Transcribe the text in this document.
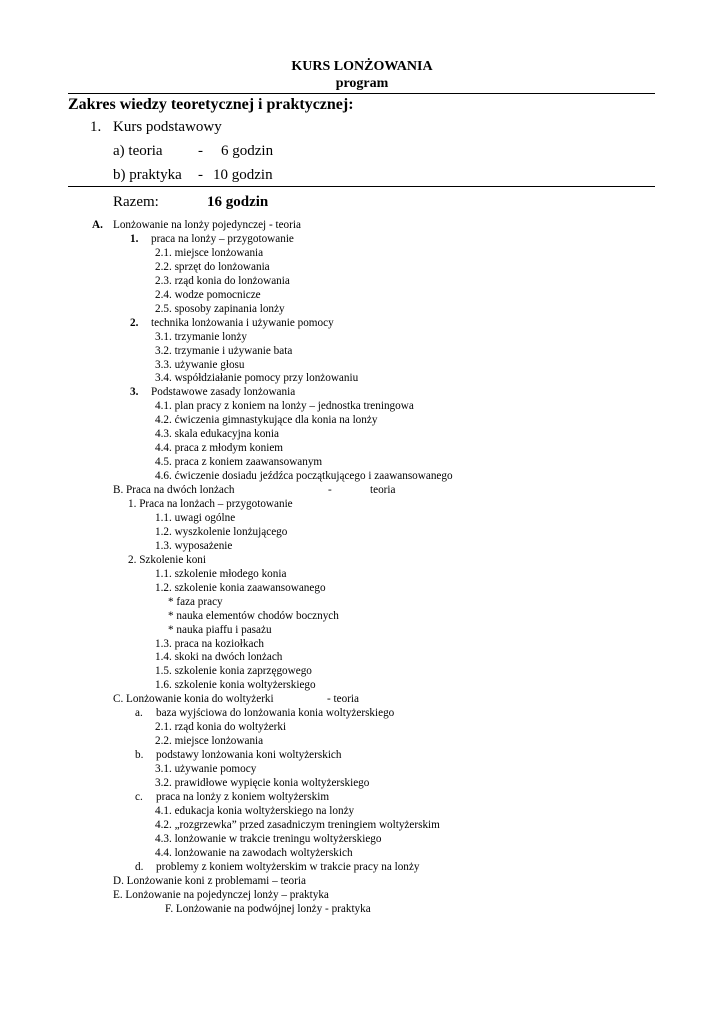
KURS LONŻOWANIA
program
Zakres wiedzy teoretycznej i praktycznej:
1. Kurs podstawowy
a) teoria - 6 godzin
b) praktyka - 10 godzin
Razem:	16 godzin
A. Lonżowanie na lonży pojedynczej - teoria
1. praca na lonży – przygotowanie
2.1. miejsce lonżowania
2.2. sprzęt do lonżowania
2.3. rząd konia do lonżowania
2.4. wodze pomocnicze
2.5. sposoby zapinania lonży
2. technika lonżowania i używanie pomocy
3.1. trzymanie lonży
3.2. trzymanie i używanie bata
3.3. używanie głosu
3.4. współdziałanie pomocy przy lonżowaniu
3. Podstawowe zasady lonżowania
4.1. plan pracy z koniem na lonży – jednostka treningowa
4.2. ćwiczenia gimnastykujące dla konia na lonży
4.3. skala edukacyjna konia
4.4. praca z młodym koniem
4.5. praca z koniem zaawansowanym
4.6. ćwiczenie dosiadu jeźdźca początkującego i zaawansowanego
B. Praca na dwóch lonżach	-	teoria
1. Praca na lonżach – przygotowanie
1.1. uwagi ogólne
1.2. wyszkolenie lonżującego
1.3. wyposażenie
2. Szkolenie koni
1.1. szkolenie młodego konia
1.2. szkolenie konia zaawansowanego
* faza pracy
* nauka elementów chodów bocznych
* nauka piaffu i pasażu
1.3. praca na koziołkach
1.4. skoki na dwóch lonżach
1.5. szkolenie konia zaprzęgowego
1.6. szkolenie konia woltyżerskiego
C. Lonżowanie konia do woltyżerki	- teoria
a. baza wyjściowa do lonżowania konia woltyżerskiego
2.1. rząd konia do woltyżerki
2.2. miejsce lonżowania
b. podstawy lonżowania koni woltyżerskich
3.1. używanie pomocy
3.2. prawidłowe wypięcie konia woltyżerskiego
c. praca na lonży z koniem woltyżerskim
4.1. edukacja konia woltyżerskiego na lonży
4.2. „rozgrzewka” przed zasadniczym treningiem woltyżerskim
4.3. lonżowanie w trakcie treningu woltyżerskiego
4.4. lonżowanie na zawodach woltyżerskich
d. problemy z koniem woltyżerskim w trakcie pracy na lonży
D. Lonżowanie koni z problemami – teoria
E. Lonżowanie na pojedynczej lonży – praktyka
F. Lonżowanie na podwójnej lonży - praktyka
